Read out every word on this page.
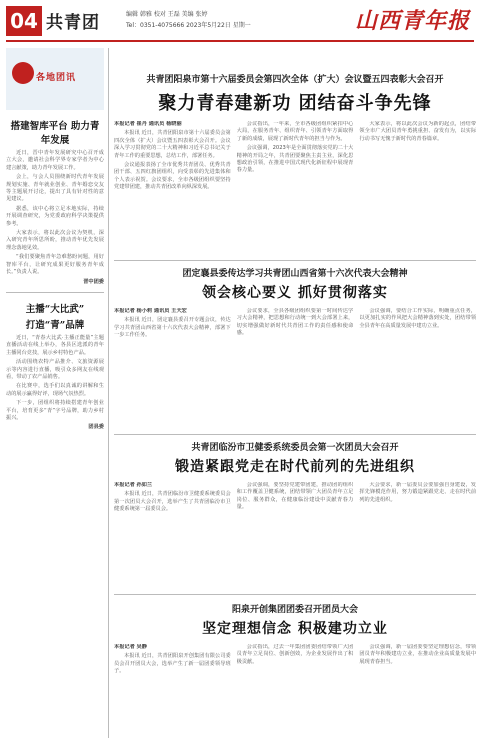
04 共青团	编辑 韩雅 校对 王磊 美编 张婷
Tel：0351-4075666 2023年5月22日 星期一	山西青年报
各地团讯
搭建智库平台 助力青年发展

近日，晋中青年发展研究中心召开成立大会，邀请社会科学界专家学者为中心建言献策，助力青年发展工作。

会上，与会人员围绕新时代青年发展规划实施、青年就业创业、青年婚恋交友等主题展开讨论，提出了具有针对性的意见建议。

据悉，该中心将立足本地实际，持续开展调查研究，为党委政府科学决策提供参考。

大家表示，将以此次会议为契机，深入研究青年所思所盼，推动青年优先发展理念落地见效。

“我们要聚焦青年急难愁盼问题，用好智库平台，让研究成果更好服务青年成长。”负责人说。

晋中团委

主播“大比武”
打造“青”品牌

近日，“青春大比武·主播正能量”主题直播活动在线上举办，各县区选派的青年主播同台竞技，展示乡村特色产品。

活动围绕农特产品推介、文旅资源展示等内容进行直播，吸引众多网友在线观看，带动了农产品销售。

在比赛中，选手们以真诚的讲解和生动的展示赢得好评，现场气氛热烈。

下一步，团组织将持续搭建青年创业平台，培育更多“青”字号品牌，助力乡村振兴。

团县委

共青团阳泉市第十六届委员会第四次全体（扩大）会议暨五四表彰大会召开
聚力青春建新功 团结奋斗争先锋

本报记者 崔丹 通讯员 杨晓丽

本报讯 近日，共青团阳泉市第十六届委员会第四次全体（扩大）会议暨五四表彰大会召开。会议深入学习贯彻党的二十大精神和习近平总书记关于青年工作的重要思想，总结工作，部署任务。

会议通报表扬了全市优秀共青团员、优秀共青团干部、五四红旗团组织，向受表彰的先进集体和个人表示祝贺。会议要求，全市各级团组织要坚持党建带团建，推动共青团改革向纵深发展。

会议指出，一年来，全市各级团组织紧扣中心大局，在服务青年、组织青年、引领青年方面取得了新的成绩，展现了新时代青年的担当与作为。

会议强调，2023年是全面贯彻落实党的二十大精神的开局之年，共青团要聚焦主责主业，深化思想政治引领，在推进中国式现代化新征程中展现青春力量。

大家表示，将以此次会议为新的起点，团结带领全市广大团员青年勇挑重担、奋发有为，以实际行动书写无愧于新时代的青春篇章。

团定襄县委传达学习共青团山西省第十六次代表大会精神
领会核心要义 抓好贯彻落实

本报记者 杨小莉 通讯员 王天宏

本报讯 近日，团定襄县委召开专题会议，传达学习共青团山西省第十六次代表大会精神，部署下一步工作任务。

会议要求，全县各级团组织要第一时间传达学习大会精神，把思想和行动统一到大会部署上来，切实增强做好新时代共青团工作的责任感和使命感。

会议强调，要结合工作实际，明确重点任务，以更加扎实的作风把大会精神落到实处，团结带领全县青年在高质量发展中建功立业。

共青团临汾市卫健委系统委员会第一次团员大会召开
锻造紧跟党走在时代前列的先进组织

本报记者 孙如兰

本报讯 近日，共青团临汾市卫健委系统委员会第一次团员大会召开，选举产生了共青团临汾市卫健委系统第一届委员会。

会议强调，要坚持党建带团建，推动团的组织和工作覆盖卫健系统，团结带领广大团员青年立足岗位、服务群众，在健康临汾建设中贡献青春力量。

大会要求，新一届委员会要加强自身建设，发挥先锋模范作用，努力锻造紧跟党走、走在时代前列的先进组织。

阳泉开创集团团委召开团员大会
坚定理想信念 积极建功立业

本报记者 吴静

本报讯 近日，共青团阳泉开创集团有限公司委员会召开团员大会，选举产生了新一届团委领导班子。

会议指出，过去一年集团团委团结带领广大团员青年立足岗位、创新创效，为企业发展作出了积极贡献。

会议强调，新一届团委要坚定理想信念，带领团员青年积极建功立业，在推动企业高质量发展中展现青春担当。
